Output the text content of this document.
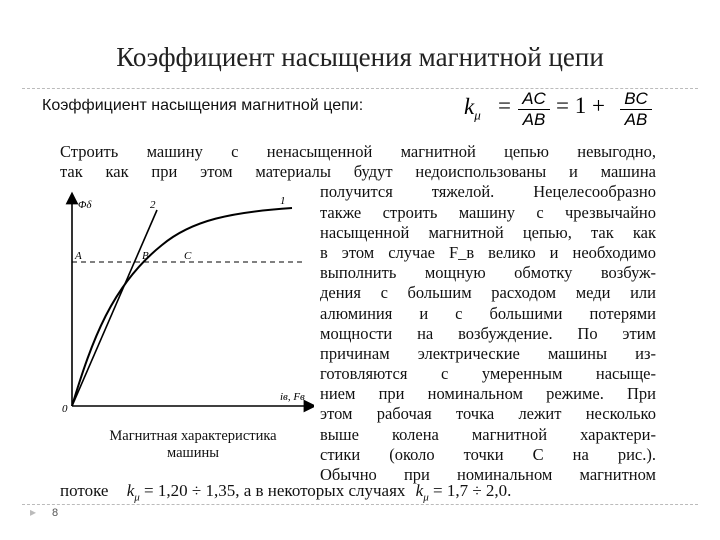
Коэффициент насыщения магнитной цепи
Коэффициент насыщения магнитной цепи:	$k_\mu$ = AC
AB
= 1 + BC
AB
Строить машину с ненасыщенной магнитной цепью невыгодно,
так как при этом материалы будут недоиспользованы и машина
получится тяжелой. Нецелесообразно
также строить машину с чрезвычайно
насыщенной магнитной цепью, так как
в этом случае F_в велико и необходимо
выполнить мощную обмотку возбуж-
дения с большим расходом меди или
алюминия и с большими потерями
мощности на возбуждение. По этим
причинам электрические машины из-
готовляются с умеренным насыще-
нием при номинальном режиме. При
этом рабочая точка лежит несколько
выше колена магнитной характери-
стики (около точки C на рис.).
Обычно при номинальном магнитном
Φδ
iв, Fв
0
A	B	C
2	1
Магнитная характеристика
машины
потоке $k_\mu = 1,20 \div 1,35$, а в некоторых случаях $k_\mu = 1,7 \div 2,0$.
▸ 8
